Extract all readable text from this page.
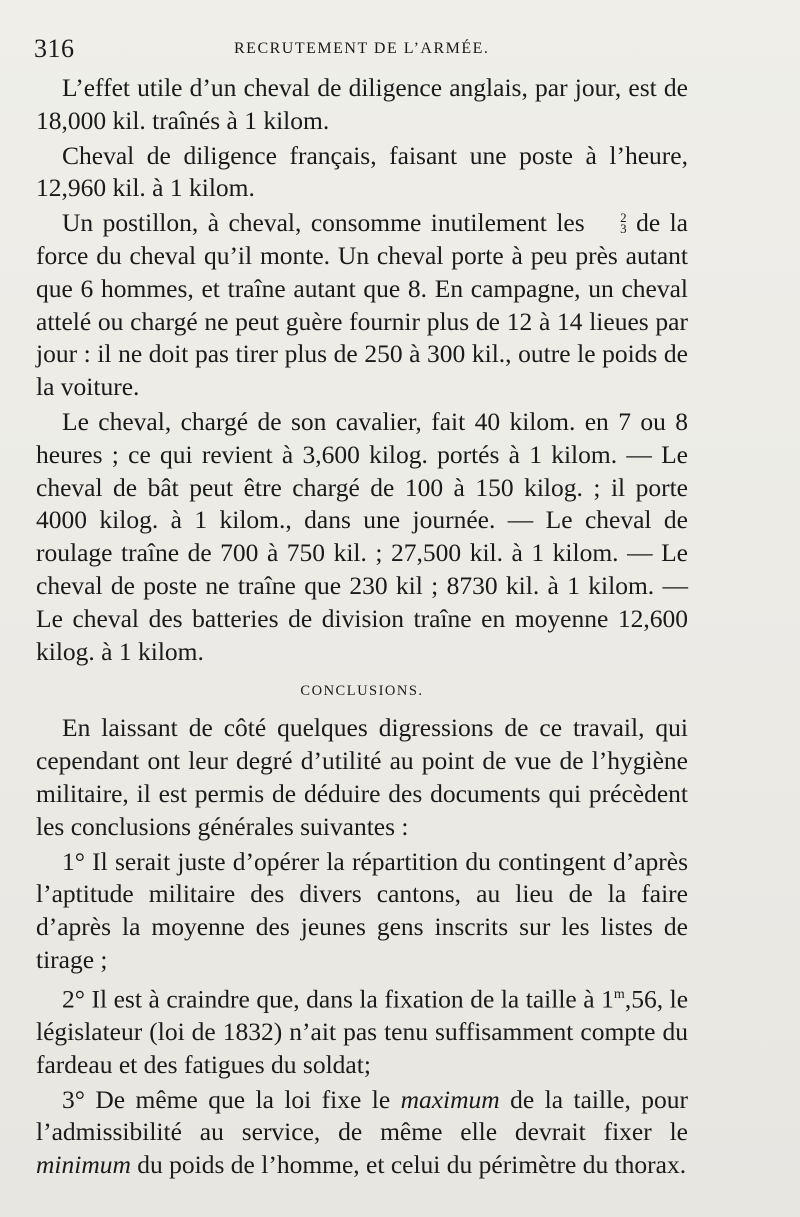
316	RECRUTEMENT DE L’ARMÉE.

L’effet utile d’un cheval de diligence anglais, par jour, est de 18,000 kil. traînés à 1 kilom.

Cheval de diligence français, faisant une poste à l’heure, 12,960 kil. à 1 kilom.

Un postillon, à cheval, consomme inutilement les	2
3 de la force du cheval qu’il monte. Un cheval porte à peu près autant que 6 hommes, et traîne autant que 8. En campagne, un cheval attelé ou chargé ne peut guère fournir plus de 12 à 14 lieues par jour : il ne doit pas tirer plus de 250 à 300 kil., outre le poids de la voiture.

Le cheval, chargé de son cavalier, fait 40 kilom. en 7 ou 8 heures ; ce qui revient à 3,600 kilog. portés à 1 kilom. — Le cheval de bât peut être chargé de 100 à 150 kilog. ; il porte 4000 kilog. à 1 kilom., dans une journée. — Le cheval de roulage traîne de 700 à 750 kil. ; 27,500 kil. à 1 kilom. — Le cheval de poste ne traîne que 230 kil ; 8730 kil. à 1 kilom. — Le cheval des batteries de division traîne en moyenne 12,600 kilog. à 1 kilom.

CONCLUSIONS.

En laissant de côté quelques digressions de ce travail, qui cependant ont leur degré d’utilité au point de vue de l’hygiène militaire, il est permis de déduire des documents qui précèdent les conclusions générales suivantes :

1° Il serait juste d’opérer la répartition du contingent d’après l’aptitude militaire des divers cantons, au lieu de la faire d’après la moyenne des jeunes gens inscrits sur les listes de tirage ;

2° Il est à craindre que, dans la fixation de la taille à 1$^m$,56, le législateur (loi de 1832) n’ait pas tenu suffisamment compte du fardeau et des fatigues du soldat;

3° De même que la loi fixe le maximum de la taille, pour l’admissibilité au service, de même elle devrait fixer le minimum du poids de l’homme, et celui du périmètre du thorax.
